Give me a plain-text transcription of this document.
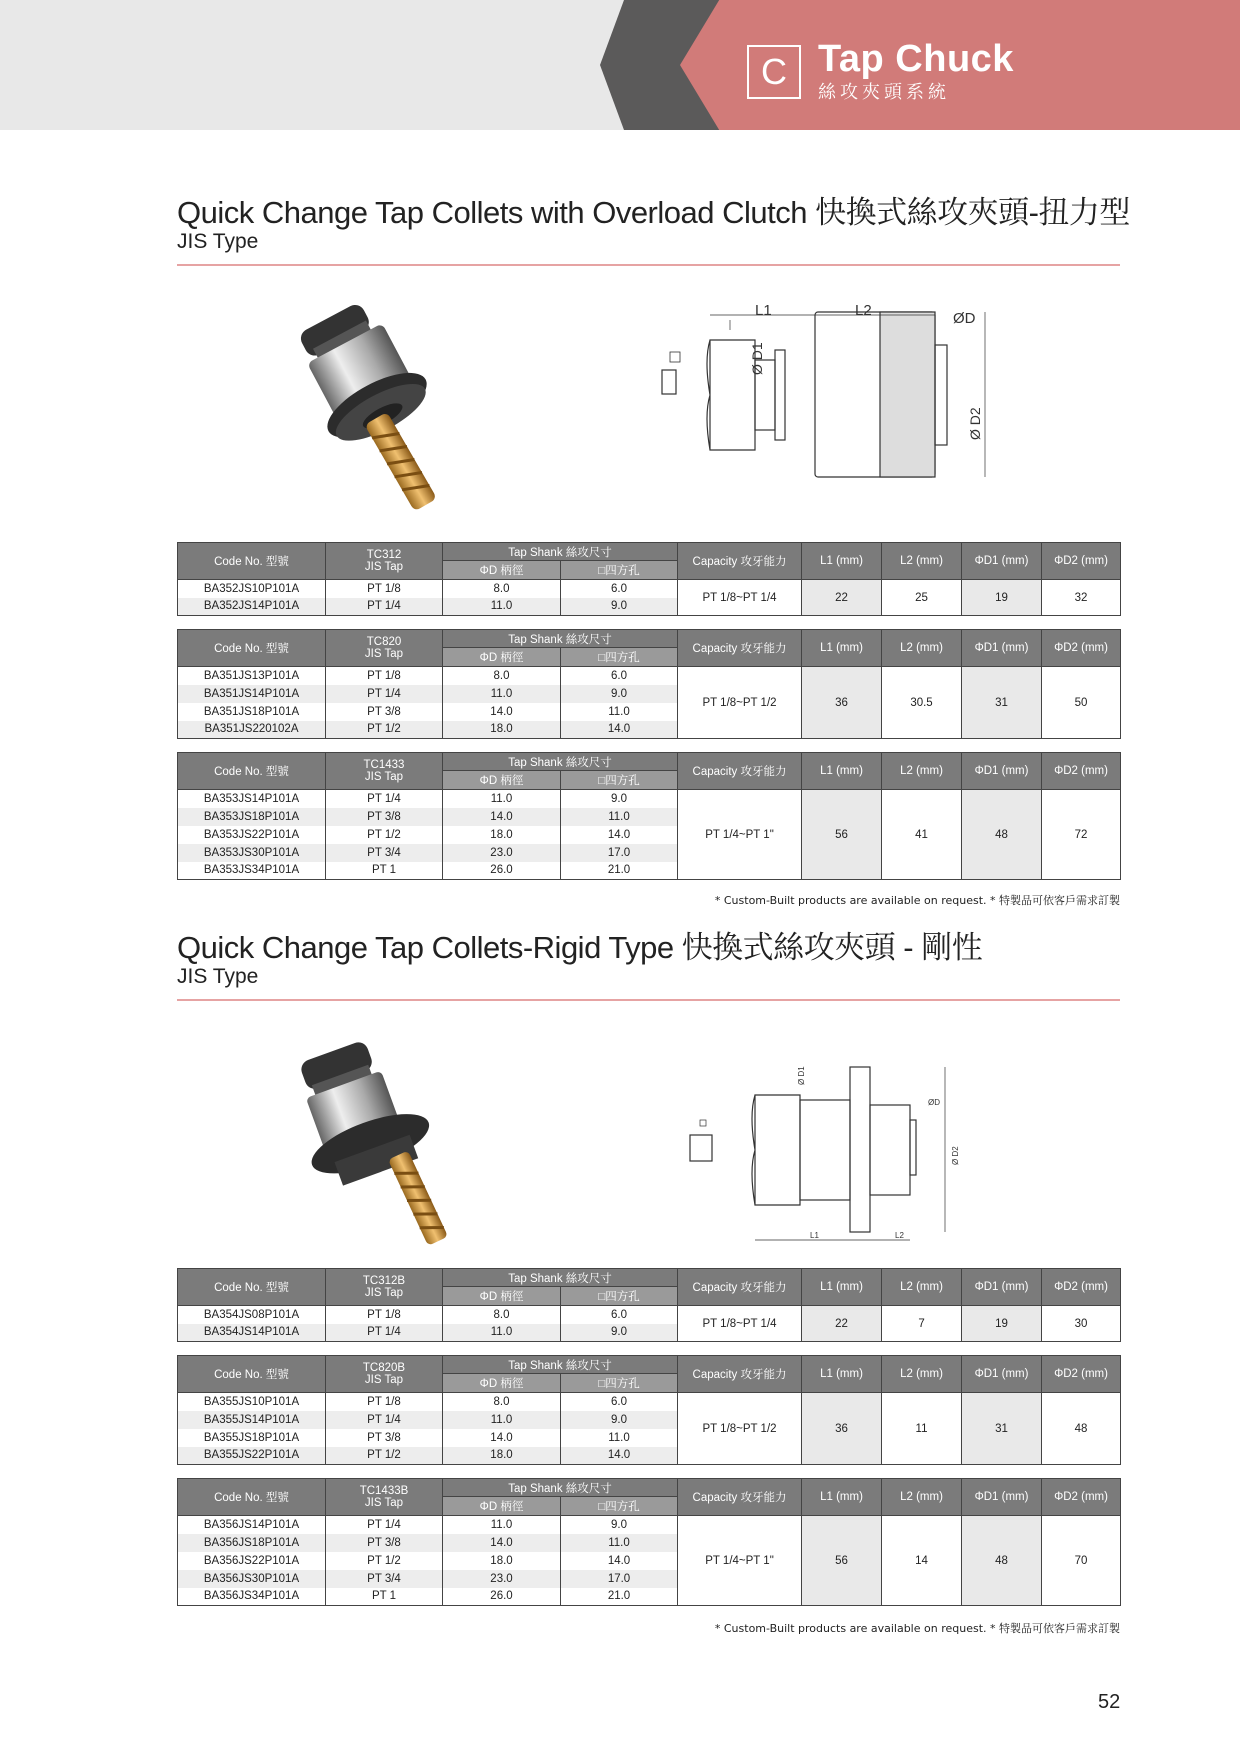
C Tap Chuck
絲攻夾頭系統
Quick Change Tap Collets with Overload Clutch 快換式絲攻夾頭-扭力型
JIS Type
L1	L2	ØD
Ø D1
Ø D2
Code No. 型號	TC312
JIS Tap	Tap Shank 絲攻尺寸		Capacity 攻牙能力	L1 (mm)	L2 (mm)	ΦD1 (mm)	ΦD2 (mm)
		ΦD 柄徑	□四方孔					
BA352JS10P101A	PT 1/8	8.0	6.0	PT 1/8~PT 1/4	22	25	19	32
BA352JS14P101A	PT 1/4	11.0	9.0					
Code No. 型號	TC820
JIS Tap	Tap Shank 絲攻尺寸		Capacity 攻牙能力	L1 (mm)	L2 (mm)	ΦD1 (mm)	ΦD2 (mm)
		ΦD 柄徑	□四方孔					
BA351JS13P101A	PT 1/8	8.0	6.0	PT 1/8~PT 1/2	36	30.5	31	50
BA351JS14P101A	PT 1/4	11.0	9.0					
BA351JS18P101A	PT 3/8	14.0	11.0					
BA351JS220102A	PT 1/2	18.0	14.0					
Code No. 型號	TC1433
JIS Tap	Tap Shank 絲攻尺寸		Capacity 攻牙能力	L1 (mm)	L2 (mm)	ΦD1 (mm)	ΦD2 (mm)
		ΦD 柄徑	□四方孔					
BA353JS14P101A	PT 1/4	11.0	9.0	PT 1/4~PT 1"	56	41	48	72
BA353JS18P101A	PT 3/8	14.0	11.0					
BA353JS22P101A	PT 1/2	18.0	14.0					
BA353JS30P101A	PT 3/4	23.0	17.0					
BA353JS34P101A	PT 1	26.0	21.0					
* Custom-Built products are available on request. * 特製品可依客戶需求訂製
Quick Change Tap Collets-Rigid Type 快換式絲攻夾頭 - 剛性
JIS Type
L1	L2
ØD
Ø D1
Ø D2
Code No. 型號	TC312B
JIS Tap	Tap Shank 絲攻尺寸		Capacity 攻牙能力	L1 (mm)	L2 (mm)	ΦD1 (mm)	ΦD2 (mm)
		ΦD 柄徑	□四方孔					
BA354JS08P101A	PT 1/8	8.0	6.0	PT 1/8~PT 1/4	22	7	19	30
BA354JS14P101A	PT 1/4	11.0	9.0					
Code No. 型號	TC820B
JIS Tap	Tap Shank 絲攻尺寸		Capacity 攻牙能力	L1 (mm)	L2 (mm)	ΦD1 (mm)	ΦD2 (mm)
		ΦD 柄徑	□四方孔					
BA355JS10P101A	PT 1/8	8.0	6.0	PT 1/8~PT 1/2	36	11	31	48
BA355JS14P101A	PT 1/4	11.0	9.0					
BA355JS18P101A	PT 3/8	14.0	11.0					
BA355JS22P101A	PT 1/2	18.0	14.0					
Code No. 型號	TC1433B
JIS Tap	Tap Shank 絲攻尺寸		Capacity 攻牙能力	L1 (mm)	L2 (mm)	ΦD1 (mm)	ΦD2 (mm)
		ΦD 柄徑	□四方孔					
BA356JS14P101A	PT 1/4	11.0	9.0	PT 1/4~PT 1"	56	14	48	70
BA356JS18P101A	PT 3/8	14.0	11.0					
BA356JS22P101A	PT 1/2	18.0	14.0					
BA356JS30P101A	PT 3/4	23.0	17.0					
BA356JS34P101A	PT 1	26.0	21.0					
* Custom-Built products are available on request. * 特製品可依客戶需求訂製
52
